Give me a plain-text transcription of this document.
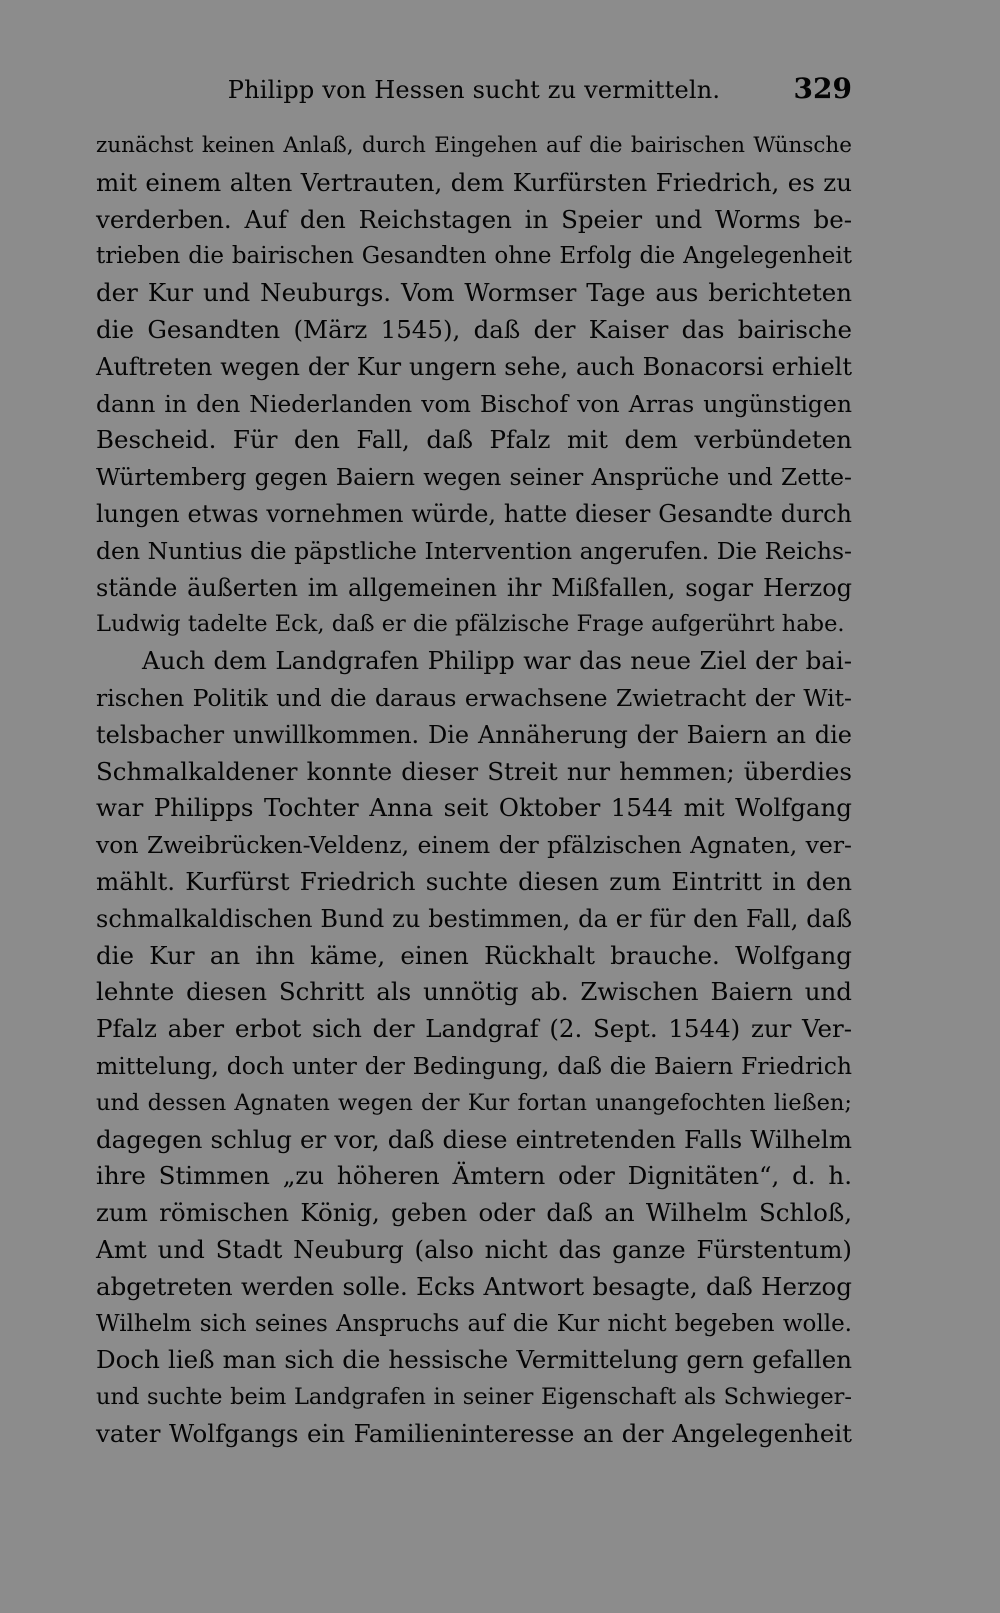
Philipp von Hessen sucht zu vermitteln.	329
zunächst keinen Anlaß, durch Eingehen auf die bairischen Wünsche
mit einem alten Vertrauten, dem Kurfürsten Friedrich, es zu
verderben. Auf den Reichstagen in Speier und Worms be-
trieben die bairischen Gesandten ohne Erfolg die Angelegenheit
der Kur und Neuburgs. Vom Wormser Tage aus berichteten
die Gesandten (März 1545), daß der Kaiser das bairische
Auftreten wegen der Kur ungern sehe, auch Bonacorsi erhielt
dann in den Niederlanden vom Bischof von Arras ungünstigen
Bescheid. Für den Fall, daß Pfalz mit dem verbündeten
Würtemberg gegen Baiern wegen seiner Ansprüche und Zette-
lungen etwas vornehmen würde, hatte dieser Gesandte durch
den Nuntius die päpstliche Intervention angerufen. Die Reichs-
stände äußerten im allgemeinen ihr Mißfallen, sogar Herzog
Ludwig tadelte Eck, daß er die pfälzische Frage aufgerührt habe.
Auch dem Landgrafen Philipp war das neue Ziel der bai-
rischen Politik und die daraus erwachsene Zwietracht der Wit-
telsbacher unwillkommen. Die Annäherung der Baiern an die
Schmalkaldener konnte dieser Streit nur hemmen; überdies
war Philipps Tochter Anna seit Oktober 1544 mit Wolfgang
von Zweibrücken-Veldenz, einem der pfälzischen Agnaten, ver-
mählt. Kurfürst Friedrich suchte diesen zum Eintritt in den
schmalkaldischen Bund zu bestimmen, da er für den Fall, daß
die Kur an ihn käme, einen Rückhalt brauche. Wolfgang
lehnte diesen Schritt als unnötig ab. Zwischen Baiern und
Pfalz aber erbot sich der Landgraf (2. Sept. 1544) zur Ver-
mittelung, doch unter der Bedingung, daß die Baiern Friedrich
und dessen Agnaten wegen der Kur fortan unangefochten ließen;
dagegen schlug er vor, daß diese eintretenden Falls Wilhelm
ihre Stimmen „zu höheren Ämtern oder Dignitäten“, d. h.
zum römischen König, geben oder daß an Wilhelm Schloß,
Amt und Stadt Neuburg (also nicht das ganze Fürstentum)
abgetreten werden solle. Ecks Antwort besagte, daß Herzog
Wilhelm sich seines Anspruchs auf die Kur nicht begeben wolle.
Doch ließ man sich die hessische Vermittelung gern gefallen
und suchte beim Landgrafen in seiner Eigenschaft als Schwieger-
vater Wolfgangs ein Familieninteresse an der Angelegenheit
